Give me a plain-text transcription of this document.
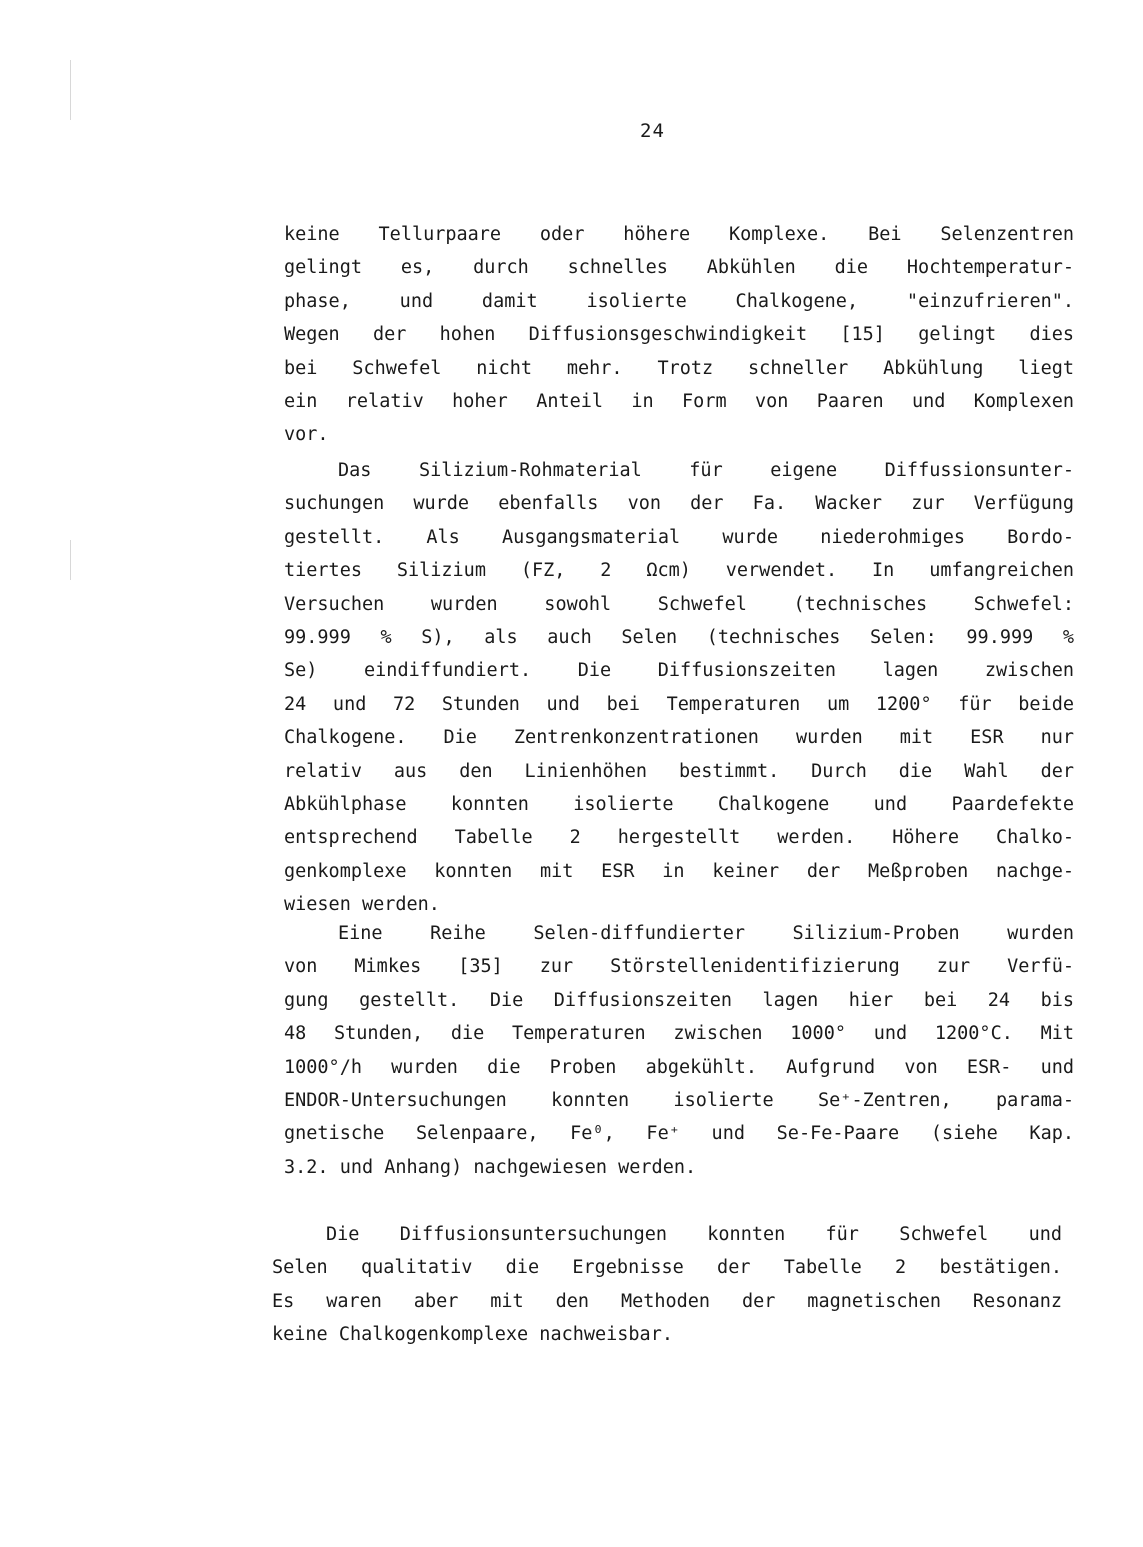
24
keine Tellurpaare oder höhere Komplexe. Bei Selenzentren
gelingt es, durch schnelles Abkühlen die Hochtemperatur-
phase, und damit isolierte Chalkogene, "einzufrieren".
Wegen der hohen Diffusionsgeschwindigkeit [15] gelingt dies
bei Schwefel nicht mehr. Trotz schneller Abkühlung liegt
ein relativ hoher Anteil in Form von Paaren und Komplexen
vor.
Das Silizium-Rohmaterial für eigene Diffussionsunter-
suchungen wurde ebenfalls von der Fa. Wacker zur Verfügung
gestellt. Als Ausgangsmaterial wurde niederohmiges Bordo-
tiertes Silizium (FZ, 2 Ωcm) verwendet. In umfangreichen
Versuchen wurden sowohl Schwefel (technisches Schwefel:
99.999 % S), als auch Selen (technisches Selen: 99.999 %
Se) eindiffundiert. Die Diffusionszeiten lagen zwischen
24 und 72 Stunden und bei Temperaturen um 1200° für beide
Chalkogene. Die Zentrenkonzentrationen wurden mit ESR nur
relativ aus den Linienhöhen bestimmt. Durch die Wahl der
Abkühlphase konnten isolierte Chalkogene und Paardefekte
entsprechend Tabelle 2 hergestellt werden. Höhere Chalko-
genkomplexe konnten mit ESR in keiner der Meßproben nachge-
wiesen werden.
Eine Reihe Selen-diffundierter Silizium-Proben wurden
von Mimkes [35] zur Störstellenidentifizierung zur Verfü-
gung gestellt. Die Diffusionszeiten lagen hier bei 24 bis
48 Stunden, die Temperaturen zwischen 1000° und 1200°C. Mit
1000°/h wurden die Proben abgekühlt. Aufgrund von ESR- und
ENDOR-Untersuchungen konnten isolierte Se⁺-Zentren, parama-
gnetische Selenpaare, Fe⁰, Fe⁺ und Se-Fe-Paare (siehe Kap.
3.2. und Anhang) nachgewiesen werden.
Die Diffusionsuntersuchungen konnten für Schwefel und
Selen qualitativ die Ergebnisse der Tabelle 2 bestätigen.
Es waren aber mit den Methoden der magnetischen Resonanz
keine Chalkogenkomplexe nachweisbar.
